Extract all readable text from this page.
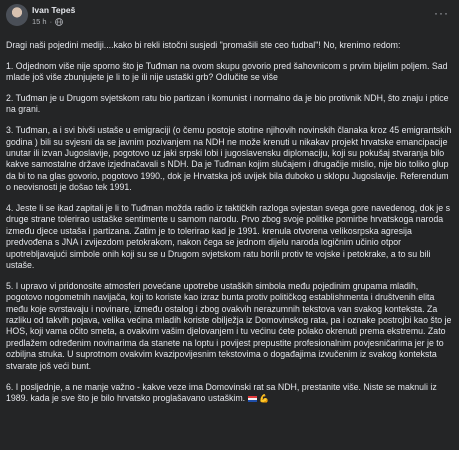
Ivan Tepeš
15 h ·
···

Dragi naši pojedini mediji....kako bi rekli istočni susjedi "promašili ste ceo fudbal"! No, krenimo redom:

1. Odjednom više nije sporno što je Tuđman na ovom skupu govorio pred šahovnicom s prvim bijelim poljem. Sad mlade još više zbunjujete je li to je ili nije ustaški grb? Odlučite se više

2. Tuđman je u Drugom svjetskom ratu bio partizan i komunist i normalno da je bio protivnik NDH, što znaju i ptice na grani.

3. Tuđman, a i svi bivši ustaše u emigraciji (o čemu postoje stotine njihovih novinskih članaka kroz 45 emigrantskih godina ) bili su svjesni da se javnim pozivanjem na NDH ne može krenuti u nikakav projekt hrvatske emancipacije unutar ili izvan Jugoslavije, pogotovo uz jaki srpski lobi i jugoslavensku diplomaciju, koji su pokušaj stvaranja bilo kakve samostalne države izjednačavali s NDH. Da je Tuđman kojim slučajem i drugačije mislio, nije bio toliko glup da bi to na glas govorio, pogotovo 1990., dok je Hrvatska još uvijek bila duboko u sklopu Jugoslavije. Referendum o neovisnosti je došao tek 1991.

4. Jeste li se ikad zapitali je li to Tuđman možda radio iz taktičkih razloga svjestan svega gore navedenog, dok je s druge strane tolerirao ustaške sentimente u samom narodu. Prvo zbog svoje politike pomirbe hrvatskoga naroda između djece ustaša i partizana. Zatim je to tolerirao kad je 1991. krenula otvorena velikosrpska agresija predvođena s JNA i zvijezdom petokrakom, nakon čega se jednom dijelu naroda logičnim učinio otpor upotrebljavajući simbole onih koji su se u Drugom svjetskom ratu borili protiv te vojske i petokrake, a to su bili ustaše.

5. I upravo vi pridonosite atmosferi povećane upotrebe ustaških simbola među pojedinim grupama mladih, pogotovo nogometnih navijača, koji to koriste kao izraz bunta protiv političkog establishmenta i društvenih elita među koje svrstavaju i novinare, između ostalog i zbog ovakvih nerazumnih tekstova van svakog konteksta. Za razliku od takvih pojava, velika većina mladih koriste obilježja iz Domovinskog rata, pa i oznake postrojbi kao što je HOS, koji vama očito smeta, a ovakvim vašim djelovanjem i tu većinu ćete polako okrenuti prema ekstremu. Zato predlažem određenim novinarima da stanete na loptu i povijest prepustite profesionalnim povjesničarima jer je to ozbiljna struka. U suprotnom ovakvim kvazipovijesnim tekstovima o događajima izvučenim iz svakog konteksta stvarate još veći bunt.

6. I posljednje, a ne manje važno - kakve veze ima Domovinski rat sa NDH, prestanite više. Niste se maknuli iz 1989. kada je sve što je bilo hrvatsko proglašavano ustaškim. 💪
